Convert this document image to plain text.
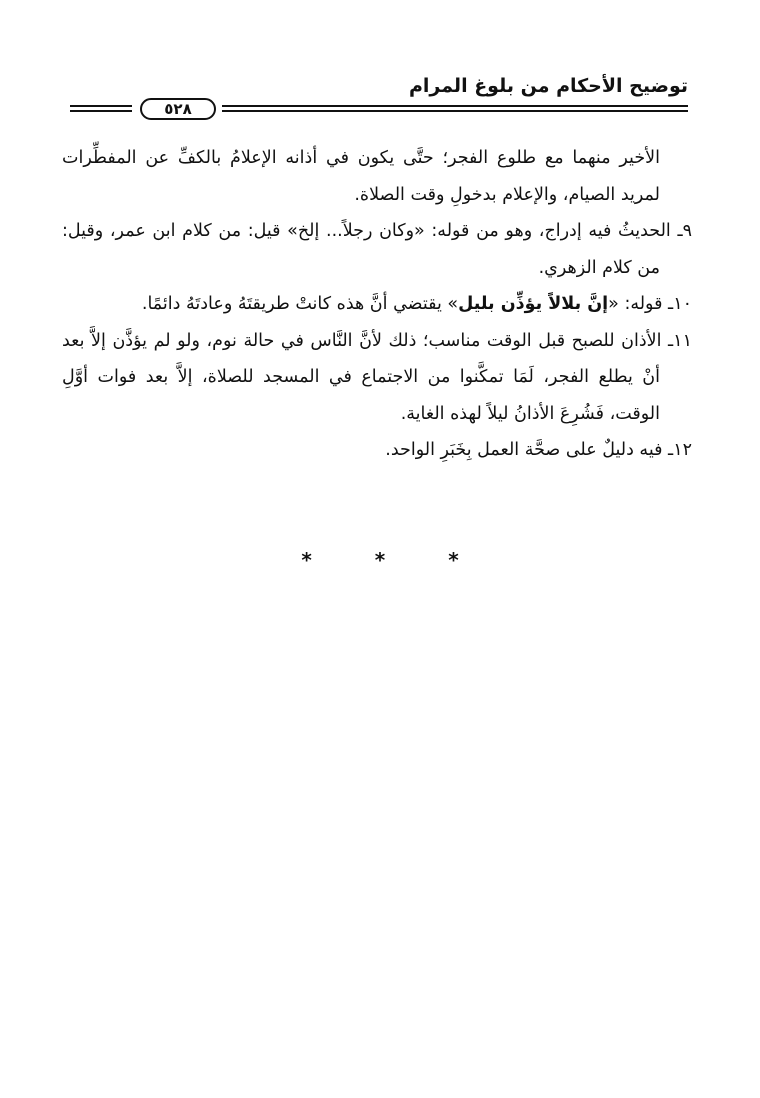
توضيح الأحكام من بلوغ المرام
٥٢٨

الأخير منهما مع طلوع الفجر؛ حتَّى يكون في أذانه الإعلامُ بالكفِّ عن المفطِّرات لمريد الصيام، والإعلام بدخولِ وقت الصلاة.

٩ـ الحديثُ فيه إدراج، وهو من قوله: «وكان رجلاً... إلخ» قيل: من كلام ابن عمر، وقيل: من كلام الزهري.

١٠ـ قوله: «إنَّ بلالاً يؤذِّن بليل» يقتضي أنَّ هذه كانتْ طريقتَهُ وعادتَهُ دائمًا.

١١ـ الأذان للصبح قبل الوقت مناسب؛ ذلك لأنَّ النَّاس في حالة نوم، ولو لم يؤذَّن إلاَّ بعد أنْ يطلع الفجر، لَمَا تمكَّنوا من الاجتماع في المسجد للصلاة، إلاَّ بعد فوات أوَّلِ الوقت، فَشُرِعَ الأذانُ ليلاً لهذه الغاية.

١٢ـ فيه دليلٌ على صحَّة العمل بِخَبَرِ الواحد.

* * *
